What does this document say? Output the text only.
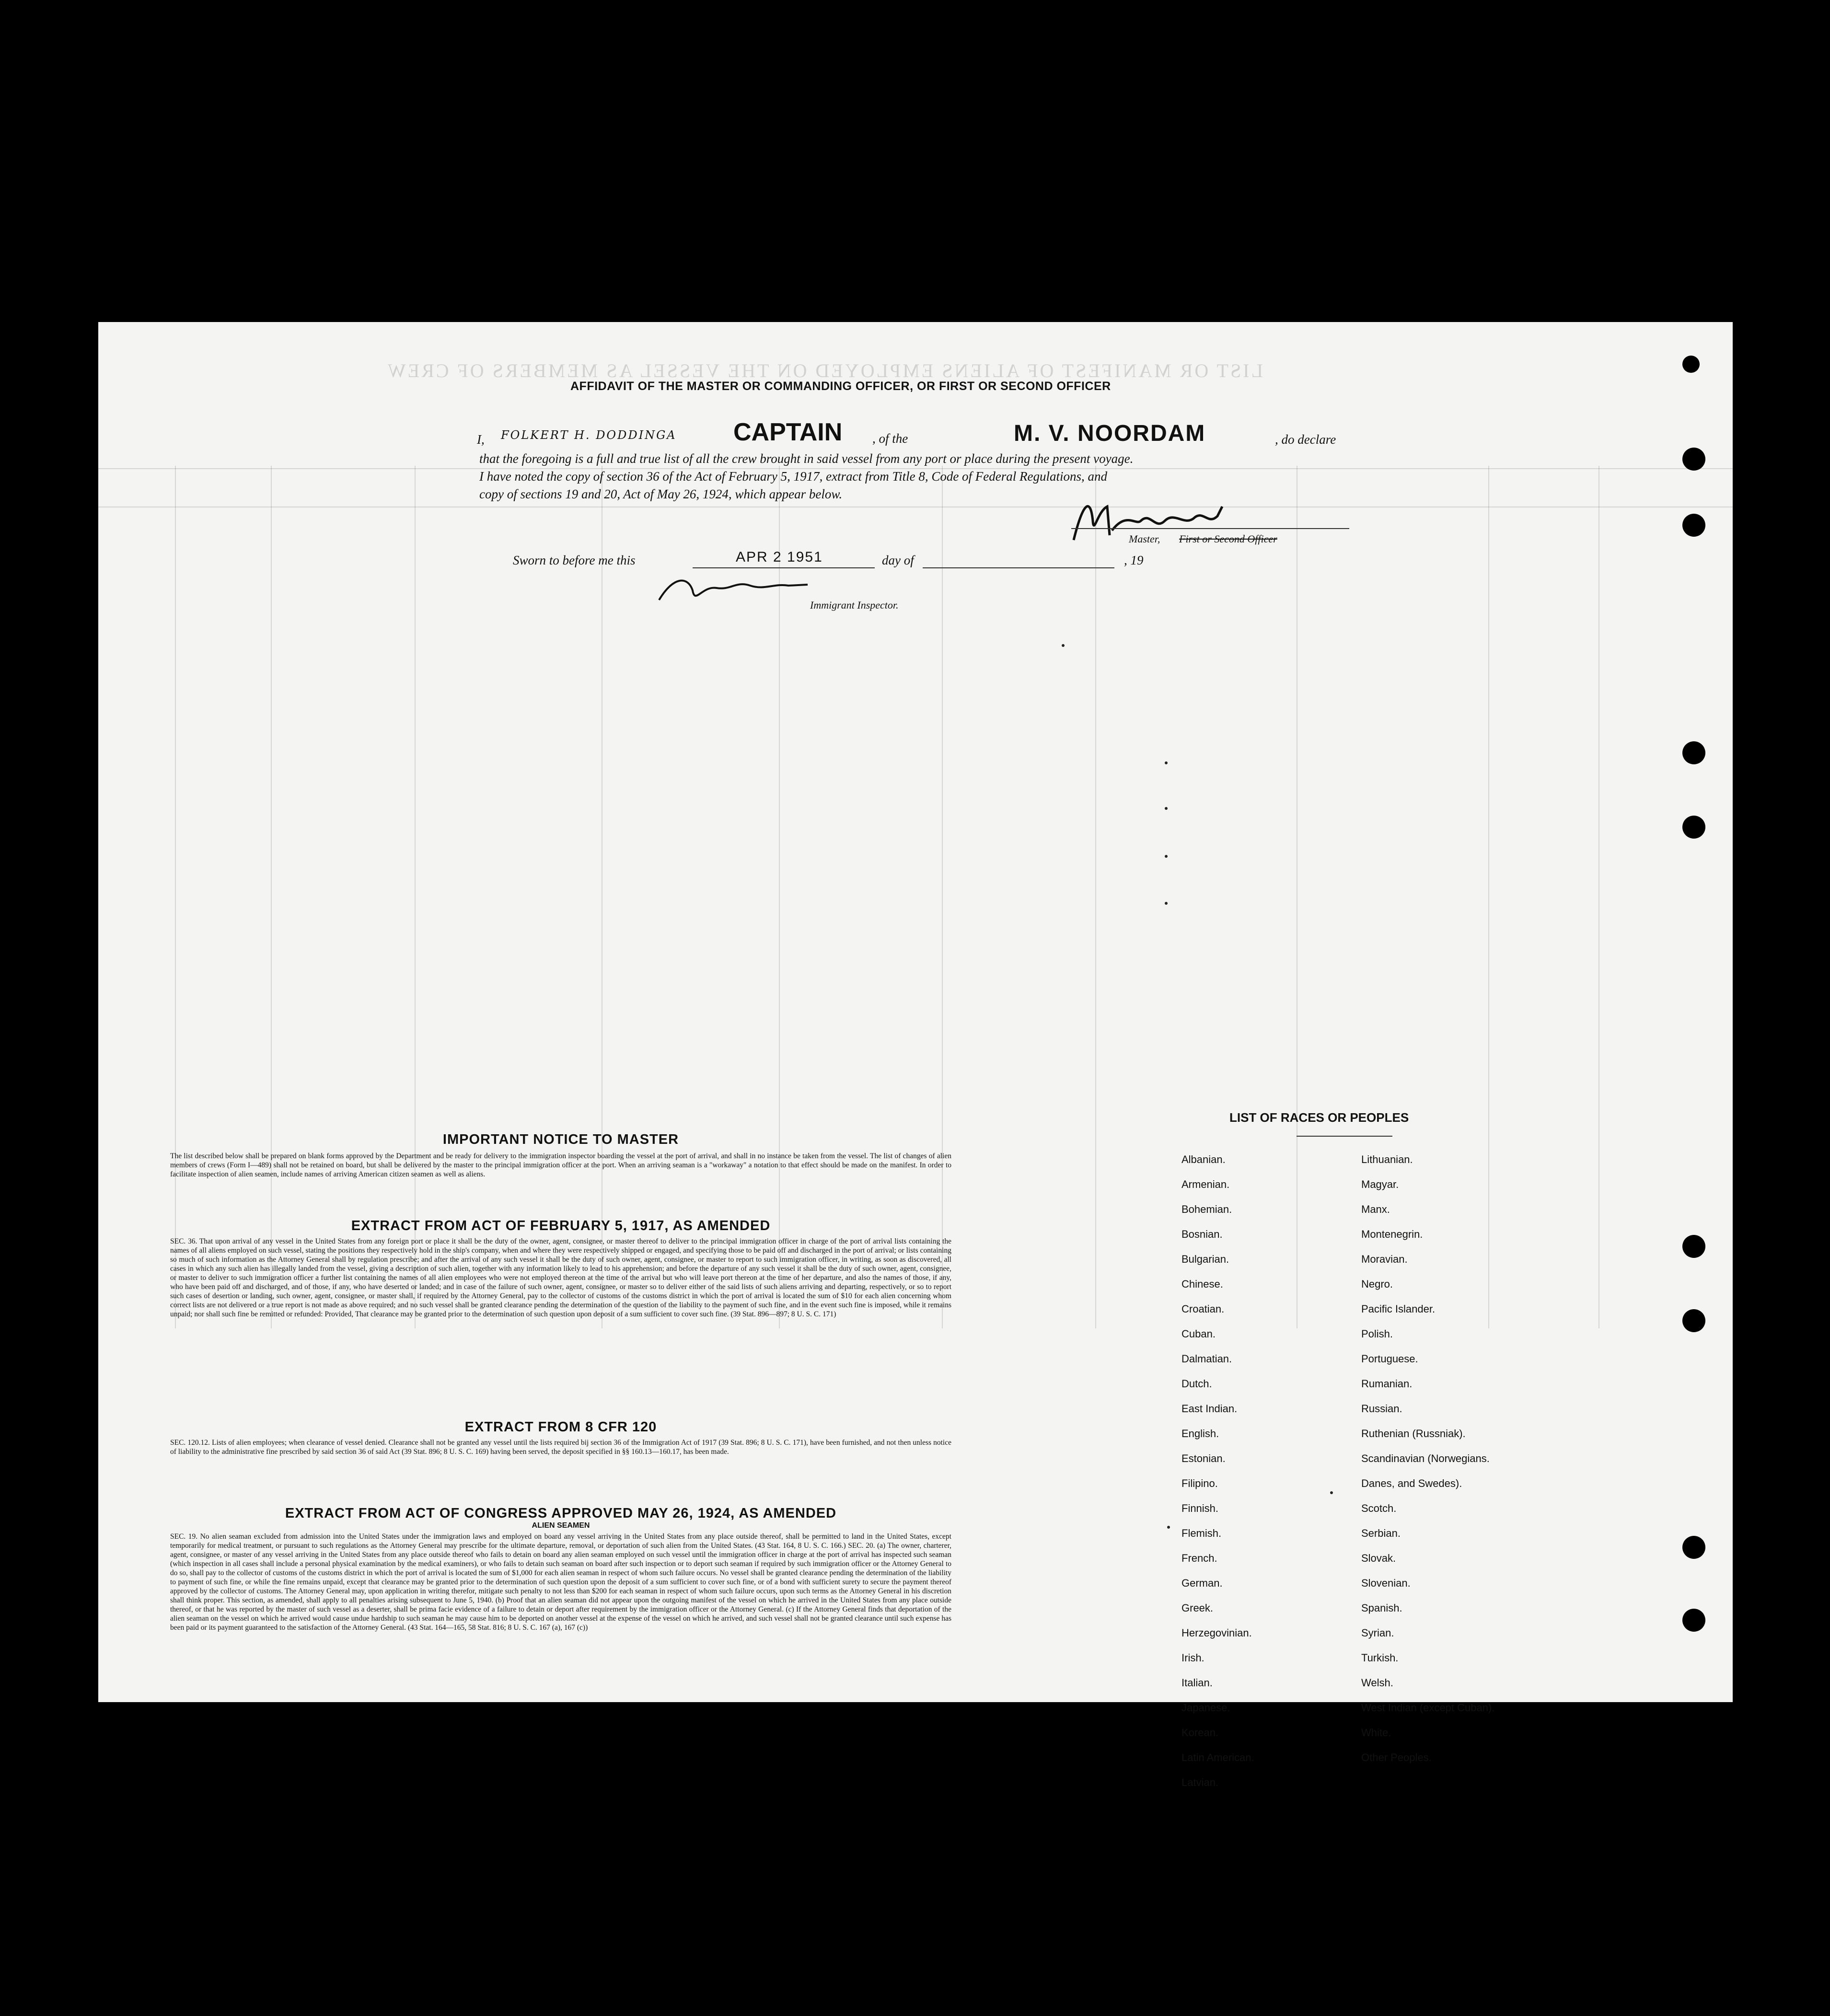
LIST OR MANIFEST OF ALIENS EMPLOYED ON THE VESSEL AS MEMBERS OF CREW
AFFIDAVIT OF THE MASTER OR COMMANDING OFFICER, OR FIRST OR SECOND OFFICER
I, FOLKERT H. DODDINGA CAPTAIN , of the	M. V. NOORDAM	, do declare
that the foregoing is a full and true list of all the crew brought in said vessel from any port or place during the present voyage.
I have noted the copy of section 36 of the Act of February 5, 1917, extract from Title 8, Code of Federal Regulations, and
copy of sections 19 and 20, Act of May 26, 1924, which appear below.
Master, First or Second Officer
Sworn to before me this	APR 2 1951	day of	, 19
Immigrant Inspector.
IMPORTANT NOTICE TO MASTER

The list described below shall be prepared on blank forms approved by the Department and be ready for delivery to the immigration inspector boarding the vessel at the port of arrival, and shall in no instance be taken from the vessel. The list of changes of alien members of crews (Form I—489) shall not be retained on board, but shall be delivered by the master to the principal immigration officer at the port. When an arriving seaman is a "workaway" a notation to that effect should be made on the manifest. In order to facilitate inspection of alien seamen, include names of arriving American citizen seamen as well as aliens.

EXTRACT FROM ACT OF FEBRUARY 5, 1917, AS AMENDED

SEC. 36. That upon arrival of any vessel in the United States from any foreign port or place it shall be the duty of the owner, agent, consignee, or master thereof to deliver to the principal immigration officer in charge of the port of arrival lists containing the names of all aliens employed on such vessel, stating the positions they respectively hold in the ship's company, when and where they were respectively shipped or engaged, and specifying those to be paid off and discharged in the port of arrival; or lists containing so much of such information as the Attorney General shall by regulation prescribe; and after the arrival of any such vessel it shall be the duty of such owner, agent, consignee, or master to report to such immigration officer, in writing, as soon as discovered, all cases in which any such alien has illegally landed from the vessel, giving a description of such alien, together with any information likely to lead to his apprehension; and before the departure of any such vessel it shall be the duty of such owner, agent, consignee, or master to deliver to such immigration officer a further list containing the names of all alien employees who were not employed thereon at the time of the arrival but who will leave port thereon at the time of her departure, and also the names of those, if any, who have been paid off and discharged, and of those, if any, who have deserted or landed; and in case of the failure of such owner, agent, consignee, or master so to deliver either of the said lists of such aliens arriving and departing, respectively, or so to report such cases of desertion or landing, such owner, agent, consignee, or master shall, if required by the Attorney General, pay to the collector of customs of the customs district in which the port of arrival is located the sum of $10 for each alien concerning whom correct lists are not delivered or a true report is not made as above required; and no such vessel shall be granted clearance pending the determination of the question of the liability to the payment of such fine, and in the event such fine is imposed, while it remains unpaid; nor shall such fine be remitted or refunded: Provided, That clearance may be granted prior to the determination of such question upon deposit of a sum sufficient to cover such fine. (39 Stat. 896—897; 8 U. S. C. 171)

EXTRACT FROM 8 CFR 120

SEC. 120.12. Lists of alien employees; when clearance of vessel denied. Clearance shall not be granted any vessel until the lists required bij section 36 of the Immigration Act of 1917 (39 Stat. 896; 8 U. S. C. 171), have been furnished, and not then unless notice of liability to the administrative fine prescribed by said section 36 of said Act (39 Stat. 896; 8 U. S. C. 169) having been served, the deposit specified in §§ 160.13—160.17, has been made.

EXTRACT FROM ACT OF CONGRESS APPROVED MAY 26, 1924, AS AMENDED
ALIEN SEAMEN

SEC. 19. No alien seaman excluded from admission into the United States under the immigration laws and employed on board any vessel arriving in the United States from any place outside thereof, shall be permitted to land in the United States, except temporarily for medical treatment, or pursuant to such regulations as the Attorney General may prescribe for the ultimate departure, removal, or deportation of such alien from the United States. (43 Stat. 164, 8 U. S. C. 166.) SEC. 20. (a) The owner, charterer, agent, consignee, or master of any vessel arriving in the United States from any place outside thereof who fails to detain on board any alien seaman employed on such vessel until the immigration officer in charge at the port of arrival has inspected such seaman (which inspection in all cases shall include a personal physical examination by the medical examiners), or who fails to detain such seaman on board after such inspection or to deport such seaman if required by such immigration officer or the Attorney General to do so, shall pay to the collector of customs of the customs district in which the port of arrival is located the sum of $1,000 for each alien seaman in respect of whom such failure occurs. No vessel shall be granted clearance pending the determination of the liability to payment of such fine, or while the fine remains unpaid, except that clearance may be granted prior to the determination of such question upon the deposit of a sum sufficient to cover such fine, or of a bond with sufficient surety to secure the payment thereof approved by the collector of customs. The Attorney General may, upon application in writing therefor, mitigate such penalty to not less than $200 for each seaman in respect of whom such failure occurs, upon such terms as the Attorney General in his discretion shall think proper. This section, as amended, shall apply to all penalties arising subsequent to June 5, 1940. (b) Proof that an alien seaman did not appear upon the outgoing manifest of the vessel on which he arrived in the United States from any place outside thereof, or that he was reported by the master of such vessel as a deserter, shall be prima facie evidence of a failure to detain or deport after requirement by the immigration officer or the Attorney General. (c) If the Attorney General finds that deportation of the alien seaman on the vessel on which he arrived would cause undue hardship to such seaman he may cause him to be deported on another vessel at the expense of the vessel on which he arrived, and such vessel shall not be granted clearance until such expense has been paid or its payment guaranteed to the satisfaction of the Attorney General. (43 Stat. 164—165, 58 Stat. 816; 8 U. S. C. 167 (a), 167 (c))

LIST OF RACES OR PEOPLES
Albanian.
Armenian.
Bohemian.
Bosnian.
Bulgarian.
Chinese.
Croatian.
Cuban.
Dalmatian.
Dutch.
East Indian.
English.
Estonian.
Filipino.
Finnish.
Flemish.
French.
German.
Greek.
Herzegovinian.
Irish.
Italian.
Japanese.
Korean.
Latin American.
Latvian.
Lithuanian.
Magyar.
Manx.
Montenegrin.
Moravian.
Negro.
Pacific Islander.
Polish.
Portuguese.
Rumanian.
Russian.
Ruthenian (Russniak).
Scandinavian (Norwegians.
Danes, and Swedes).
Scotch.
Serbian.
Slovak.
Slovenian.
Spanish.
Syrian.
Turkish.
Welsh.
West Indian (except Cuban).
White.
Other Peoples.
